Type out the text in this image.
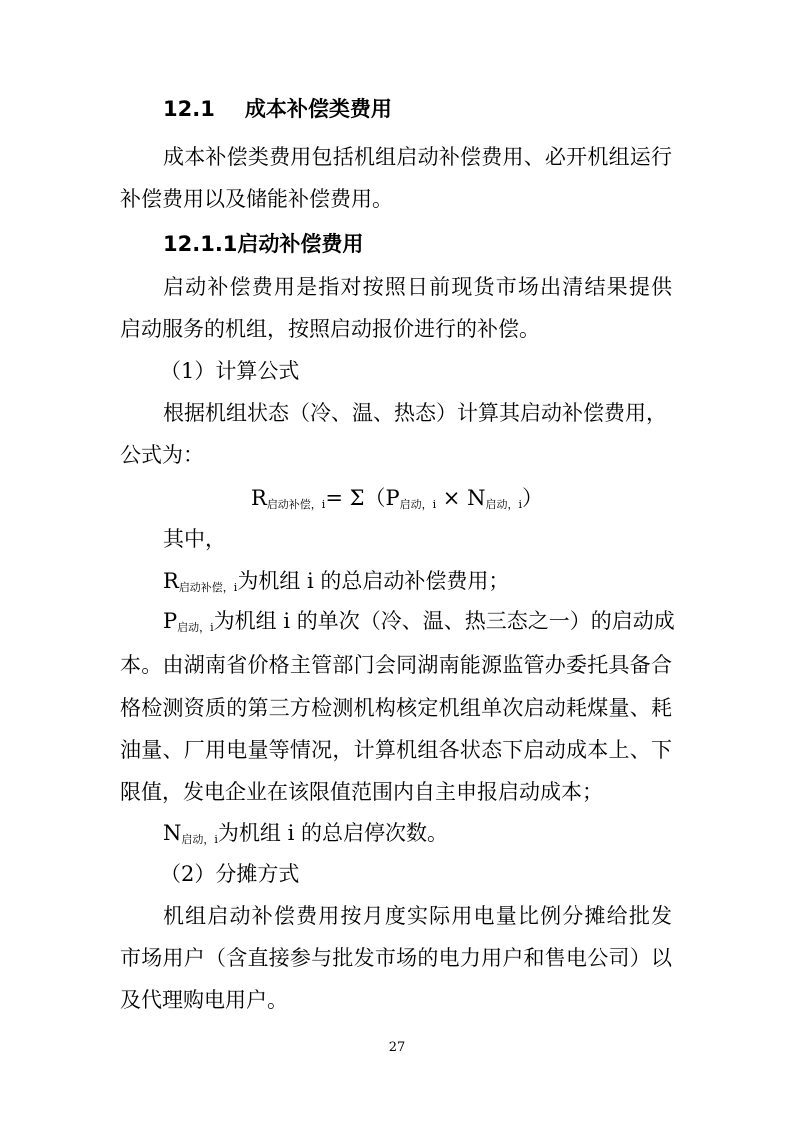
12.1 成本补偿类费用
成本补偿类费用包括机组启动补偿费用、必开机组运行
补偿费用以及储能补偿费用。
12.1.1启动补偿费用
启动补偿费用是指对按照日前现货市场出清结果提供
启动服务的机组，按照启动报价进行的补偿。
（1）计算公式
根据机组状态（冷、温、热态）计算其启动补偿费用，
公式为：
$R_{启动补偿,i}= \Sigma(P_{启动,i} \times N_{启动,i})$
其中，
$R_{启动补偿,i}$为机组 i 的总启动补偿费用；
$P_{启动,i}$为机组 i 的单次（冷、温、热三态之一）的启动成
本。由湖南省价格主管部门会同湖南能源监管办委托具备合
格检测资质的第三方检测机构核定机组单次启动耗煤量、耗
油量、厂用电量等情况，计算机组各状态下启动成本上、下
限值，发电企业在该限值范围内自主申报启动成本；
$N_{启动,i}$为机组 i 的总启停次数。
（2）分摊方式
机组启动补偿费用按月度实际用电量比例分摊给批发
市场用户（含直接参与批发市场的电力用户和售电公司）以
及代理购电用户。
27
